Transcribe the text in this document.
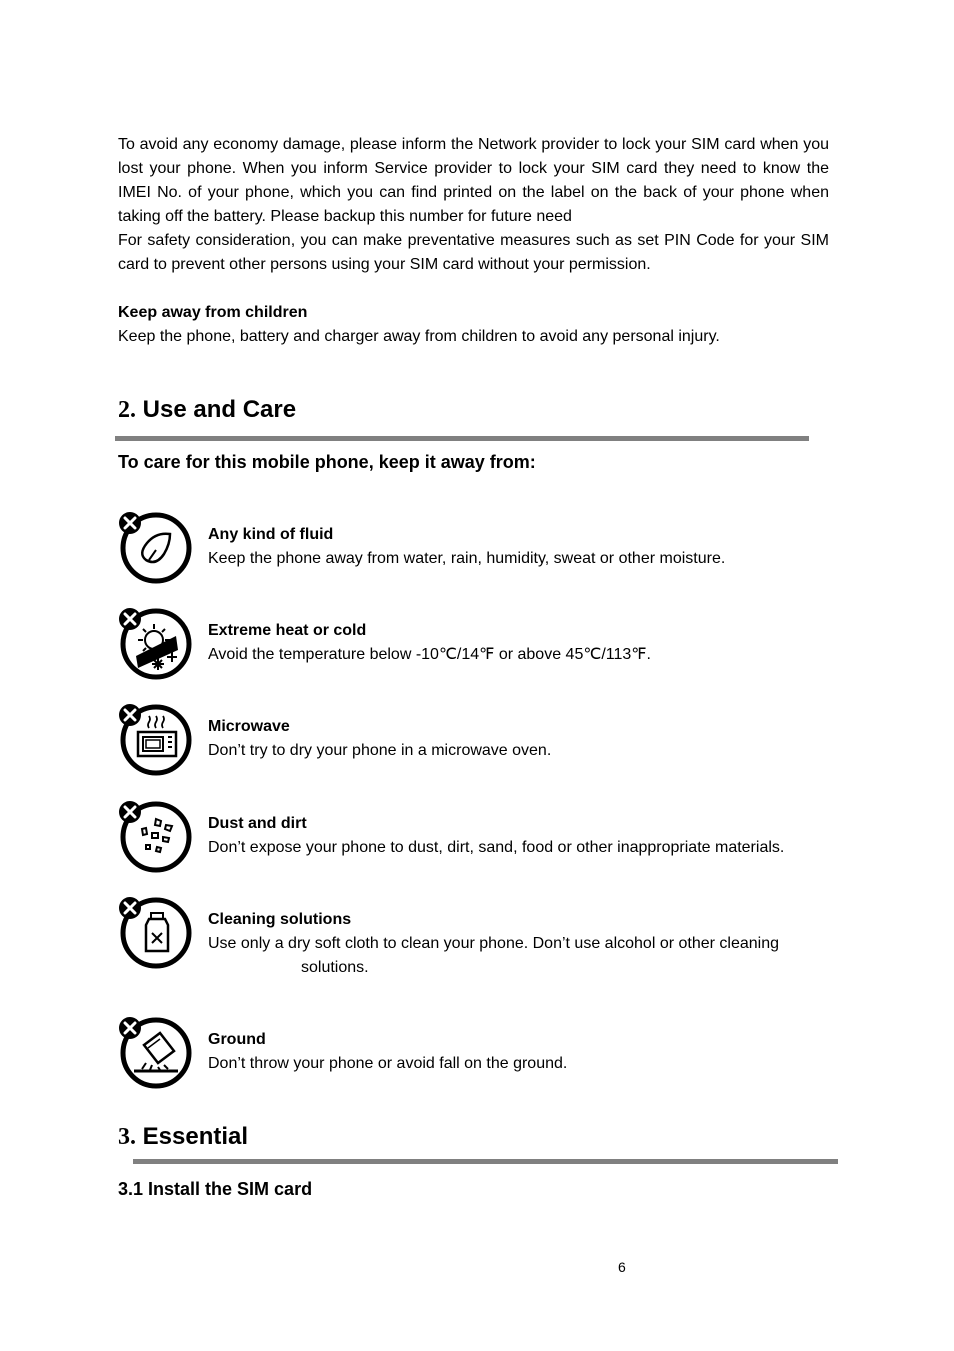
To avoid any economy damage, please inform the Network provider to lock your SIM card when you lost your phone. When you inform Service provider to lock your SIM card they need to know the IMEI No. of your phone, which you can find printed on the label on the back of your phone when taking off the battery. Please backup this number for future need

For safety consideration, you can make preventative measures such as set PIN Code for your SIM card to prevent other persons using your SIM card without your permission.

Keep away from children

Keep the phone, battery and charger away from children to avoid any personal injury.

2. Use and Care

To care for this mobile phone, keep it away from:

Any kind of fluid
Keep the phone away from water, rain, humidity, sweat or other moisture.
Extreme heat or cold
Avoid the temperature below -10℃/14℉ or above 45℃/113℉.
Microwave
Don’t try to dry your phone in a microwave oven.
Dust and dirt
Don’t expose your phone to dust, dirt, sand, food or other inappropriate materials.
Cleaning solutions
Use only a dry soft cloth to clean your phone. Don’t use alcohol or other cleaning
solutions.
Ground
Don’t throw your phone or avoid fall on the ground.
3. Essential

3.1 Install the SIM card

6
